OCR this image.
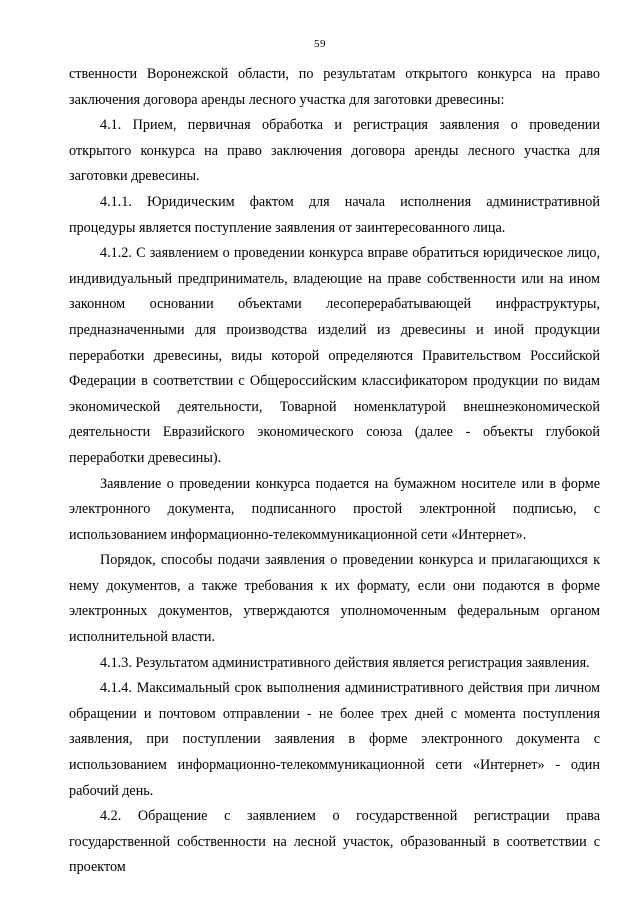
59

ственности Воронежской области, по результатам открытого конкурса на право заключения договора аренды лесного участка для заготовки древесины:

4.1. Прием, первичная обработка и регистрация заявления о проведении открытого конкурса на право заключения договора аренды лесного участка для заготовки древесины.

4.1.1. Юридическим фактом для начала исполнения административной процедуры является поступление заявления от заинтересованного лица.

4.1.2. С заявлением о проведении конкурса вправе обратиться юридическое лицо, индивидуальный предприниматель, владеющие на праве собственности или на ином законном основании объектами лесоперерабатывающей инфраструктуры, предназначенными для производства изделий из древесины и иной продукции переработки древесины, виды которой определяются Правительством Российской Федерации в соответствии с Общероссийским классификатором продукции по видам экономической деятельности, Товарной номенклатурой внешнеэкономической деятельности Евразийского экономического союза (далее - объекты глубокой переработки древесины).

Заявление о проведении конкурса подается на бумажном носителе или в форме электронного документа, подписанного простой электронной подписью, с использованием информационно-телекоммуникационной сети «Интернет».

Порядок, способы подачи заявления о проведении конкурса и прилагающихся к нему документов, а также требования к их формату, если они подаются в форме электронных документов, утверждаются уполномоченным федеральным органом исполнительной власти.

4.1.3. Результатом административного действия является регистрация заявления.

4.1.4. Максимальный срок выполнения административного действия при личном обращении и почтовом отправлении - не более трех дней с момента поступления заявления, при поступлении заявления в форме электронного документа с использованием информационно-телекоммуникационной сети «Интернет» - один рабочий день.

4.2. Обращение с заявлением о государственной регистрации права государственной собственности на лесной участок, образованный в соответствии с проектом
